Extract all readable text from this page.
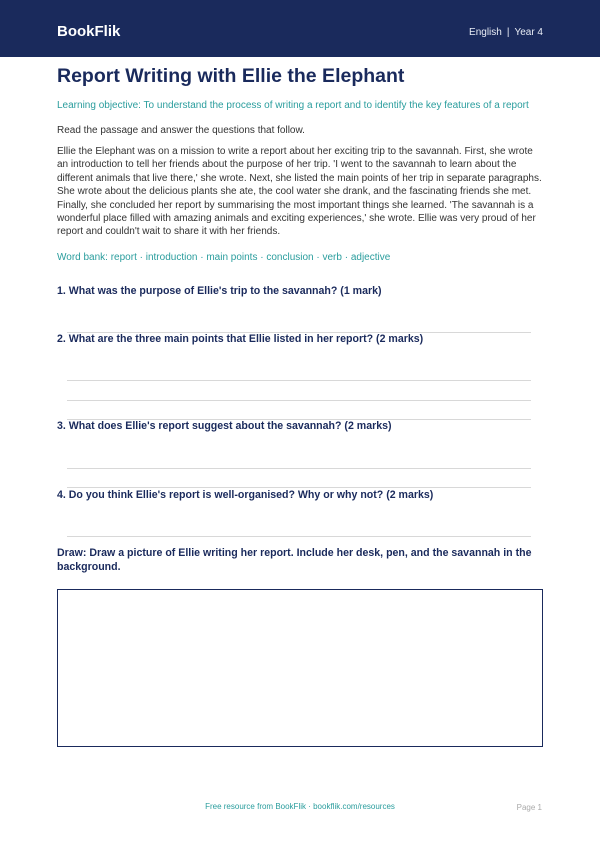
BookFlik	English | Year 4
Report Writing with Ellie the Elephant

Learning objective: To understand the process of writing a report and to identify the key features of a report

Read the passage and answer the questions that follow.

Ellie the Elephant was on a mission to write a report about her exciting trip to the savannah. First, she wrote an introduction to tell her friends about the purpose of her trip. 'I went to the savannah to learn about the different animals that live there,' she wrote. Next, she listed the main points of her trip in separate paragraphs. She wrote about the delicious plants she ate, the cool water she drank, and the fascinating friends she met. Finally, she concluded her report by summarising the most important things she learned. 'The savannah is a wonderful place filled with amazing animals and exciting experiences,' she wrote. Ellie was very proud of her report and couldn't wait to share it with her friends.

Word bank: report · introduction · main points · conclusion · verb · adjective

1. What was the purpose of Ellie's trip to the savannah? (1 mark)
2. What are the three main points that Ellie listed in her report? (2 marks)
3. What does Ellie's report suggest about the savannah? (2 marks)
4. Do you think Ellie's report is well-organised? Why or why not? (2 marks)
Draw: Draw a picture of Ellie writing her report. Include her desk, pen, and the savannah in the background.
Free resource from BookFlik · bookflik.com/resources	Page 1
